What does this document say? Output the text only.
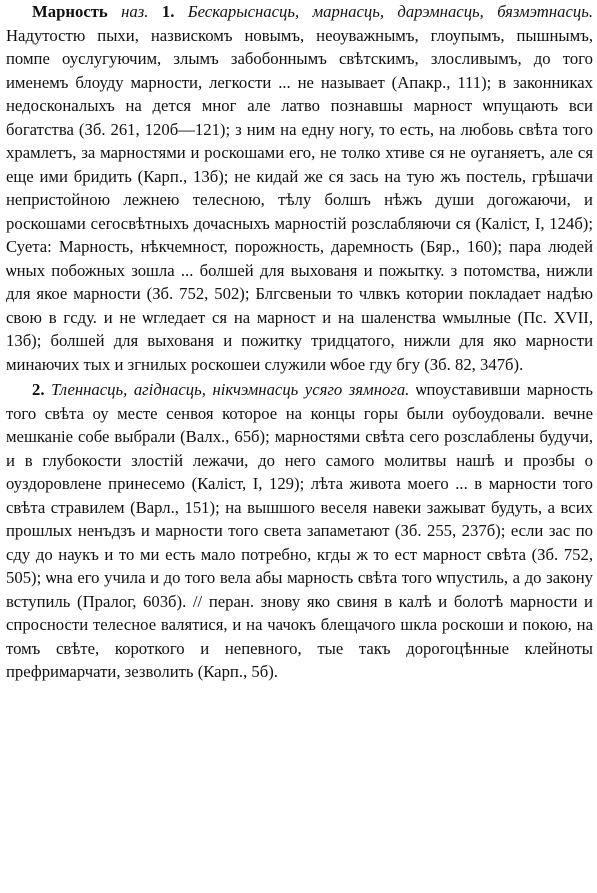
Марность наз. 1. Бескарыснасць, марнасць, дарэмнасць, бязмэтнасць. Надутостю пыхи, назвискомъ новымъ, неоуважнымъ, глоупымъ, пышнымъ, помпе оуслугуючим, злымъ забобоннымъ свѣтскимъ, злосливымъ, до того именемъ блоуду марности, легкости ... не называет (Апакр., 111); в законниках недосконалыхъ на дется мног але латво познавшы марност ѡпущають вси богатства (Зб. 261, 120б—121); з ним на едну ногу, то есть, на любовь свѣта того храмлетъ, за марностями и роскошами его, не толко хтиве ся не оуганяетъ, але ся еще ими бридить (Карп., 13б); не кидай же ся зась на тую жъ постель, грѣшачи непристойною лежнею телесною, тѣлу болшъ нѣжъ души догожаючи, и роскошами сегосвѣтныхъ дочасныхъ марностій розслабляючи ся (Калiст, I, 124б); Суета: Марность, нѣкчемност, порожность, даремность (Бяр., 160); пара людей ѡных побожных зошла ... болшей для выхованя и пожытку. з потомства, нижли для якое марности (Зб. 752, 502); Блгсвеныи то члвкъ котории покладает надѣю свою в гсду. и не ѡгледает ся на марност и на шаленства ѡмылные (Пс. XVII, 13б); болшей для выхованя и пожитку тридцатого, нижли для яко марности минаючих тых и згнилых роскошеи служили ѡбое гду бгу (Зб. 82, 347б).

2. Тленнасць, агiднасць, нiкчэмнасць усяго зямнога. ѡпоуставивши марность того свѣта оу месте сенвоя которое на концы горы были оубоудовали. вечне мешканiе собе выбрали (Валх., 65б); марностями свѣта сего розслаблены будучи, и в глубокости злостiй лежачи, до него самого молитвы нашѣ и прозбы о оуздоровлене принесемо (Калiст, I, 129); лѣта живота моего ... в марности того свѣта стравилем (Варл., 151); на вышшого веселя навеки зажыват будуть, а всих прошлых ненъдзъ и марности того света запаметают (Зб. 255, 237б); если зас по сду до наукъ и то ми есть мало потребно, кгды ж то ест марност свѣта (Зб. 752, 505); ѡна его учила и до того вела абы марность свѣта того ѡпустиль, а до закону вступиль (Пралог, 603б). // перан. знову яко свиня в калѣ и болотѣ марности и спросности телесное валятися, и на чачокъ блещачого шкла роскоши и покою, на томъ свѣте, короткого и непевного, тые такъ дорогоцѣнные клейноты префримарчати, зезволить (Карп., 5б).
